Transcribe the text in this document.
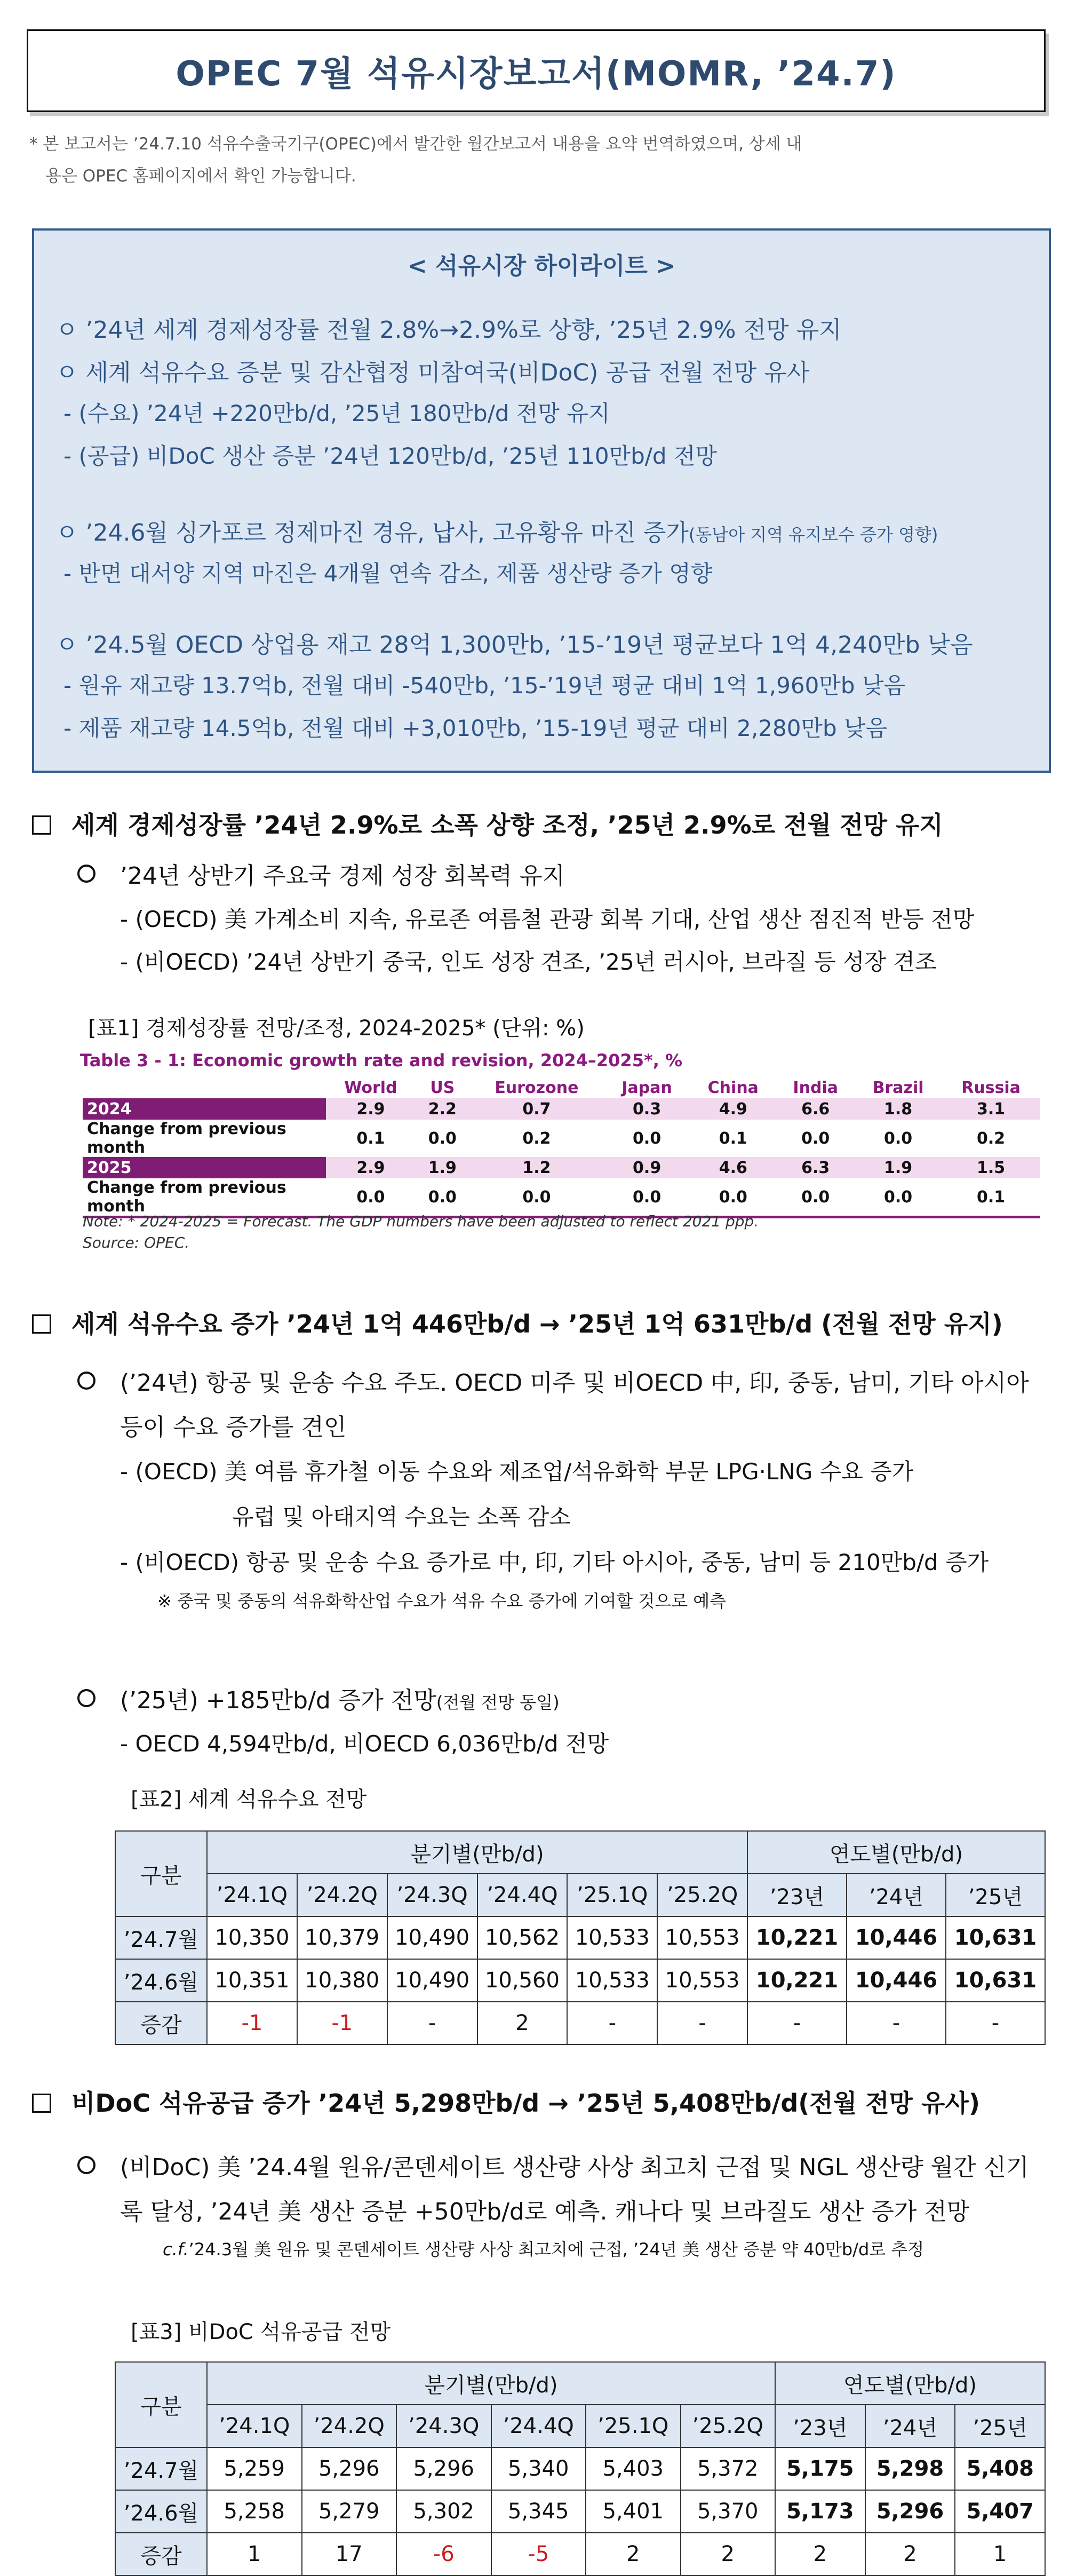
OPEC 7월 석유시장보고서(MOMR, ’24.7)
* 본 보고서는 ’24.7.10 석유수출국기구(OPEC)에서 발간한 월간보고서 내용을 요약 번역하였으며, 상세 내
용은 OPEC 홈페이지에서 확인 가능합니다.
< 석유시장 하이라이트 >
ㅇ ’24년 세계 경제성장률 전월 2.8%→2.9%로 상향, ’25년 2.9% 전망 유지
ㅇ 세계 석유수요 증분 및 감산협정 미참여국(비DoC) 공급 전월 전망 유사
- (수요) ’24년 +220만b/d, ’25년 180만b/d 전망 유지
- (공급) 비DoC 생산 증분 ’24년 120만b/d, ’25년 110만b/d 전망
ㅇ ’24.6월 싱가포르 정제마진 경유, 납사, 고유황유 마진 증가(동남아 지역 유지보수 증가 영향)
- 반면 대서양 지역 마진은 4개월 연속 감소, 제품 생산량 증가 영향
ㅇ ’24.5월 OECD 상업용 재고 28억 1,300만b, ’15-’19년 평균보다 1억 4,240만b 낮음
- 원유 재고량 13.7억b, 전월 대비 -540만b, ’15-’19년 평균 대비 1억 1,960만b 낮음
- 제품 재고량 14.5억b, 전월 대비 +3,010만b, ’15-19년 평균 대비 2,280만b 낮음
세계 경제성장률 ’24년 2.9%로 소폭 상향 조정, ’25년 2.9%로 전월 전망 유지
’24년 상반기 주요국 경제 성장 회복력 유지
- (OECD) 美 가계소비 지속, 유로존 여름철 관광 회복 기대, 산업 생산 점진적 반등 전망
- (비OECD) ’24년 상반기 중국, 인도 성장 견조, ’25년 러시아, 브라질 등 성장 견조
[표1] 경제성장률 전망/조정, 2024-2025* (단위: %)
Table 3 - 1: Economic growth rate and revision, 2024–2025*, %
	World	US	Eurozone	Japan	China	India	Brazil	Russia
2024	2.9	2.2	0.7	0.3	4.9	6.6	1.8	3.1
Change from previous month	0.1	0.0	0.2	0.0	0.1	0.0	0.0	0.2
2025	2.9	1.9	1.2	0.9	4.6	6.3	1.9	1.5
Change from previous month	0.0	0.0	0.0	0.0	0.0	0.0	0.0	0.1
Note: * 2024-2025 = Forecast. The GDP numbers have been adjusted to reflect 2021 ppp.
Source: OPEC.
세계 석유수요 증가 ’24년 1억 446만b/d → ’25년 1억 631만b/d (전월 전망 유지)
(’24년) 항공 및 운송 수요 주도. OECD 미주 및 비OECD 中, 印, 중동, 남미, 기타 아시아
등이 수요 증가를 견인
- (OECD) 美 여름 휴가철 이동 수요와 제조업/석유화학 부문 LPG·LNG 수요 증가
유럽 및 아태지역 수요는 소폭 감소
- (비OECD) 항공 및 운송 수요 증가로 中, 印, 기타 아시아, 중동, 남미 등 210만b/d 증가
※ 중국 및 중동의 석유화학산업 수요가 석유 수요 증가에 기여할 것으로 예측
(’25년) +185만b/d 증가 전망(전월 전망 동일)
- OECD 4,594만b/d, 비OECD 6,036만b/d 전망
[표2] 세계 석유수요 전망
구분	분기별(만b/d)						연도별(만b/d)		
	’24.1Q	’24.2Q	’24.3Q	’24.4Q	’25.1Q	’25.2Q	’23년	’24년	’25년
’24.7월	10,350	10,379	10,490	10,562	10,533	10,553	10,221	10,446	10,631
’24.6월	10,351	10,380	10,490	10,560	10,533	10,553	10,221	10,446	10,631
증감	-1	-1	-	2	-	-	-	-	-
비DoC 석유공급 증가 ’24년 5,298만b/d → ’25년 5,408만b/d(전월 전망 유사)
(비DoC) 美 ’24.4월 원유/콘덴세이트 생산량 사상 최고치 근접 및 NGL 생산량 월간 신기
록 달성, ’24년 美 생산 증분 +50만b/d로 예측. 캐나다 및 브라질도 생산 증가 전망
c.f.’24.3월 美 원유 및 콘덴세이트 생산량 사상 최고치에 근접, ’24년 美 생산 증분 약 40만b/d로 추정
[표3] 비DoC 석유공급 전망
구분	분기별(만b/d)						연도별(만b/d)		
	’24.1Q	’24.2Q	’24.3Q	’24.4Q	’25.1Q	’25.2Q	’23년	’24년	’25년
’24.7월	5,259	5,296	5,296	5,340	5,403	5,372	5,175	5,298	5,408
’24.6월	5,258	5,279	5,302	5,345	5,401	5,370	5,173	5,296	5,407
증감	1	17	-6	-5	2	2	2	2	1
